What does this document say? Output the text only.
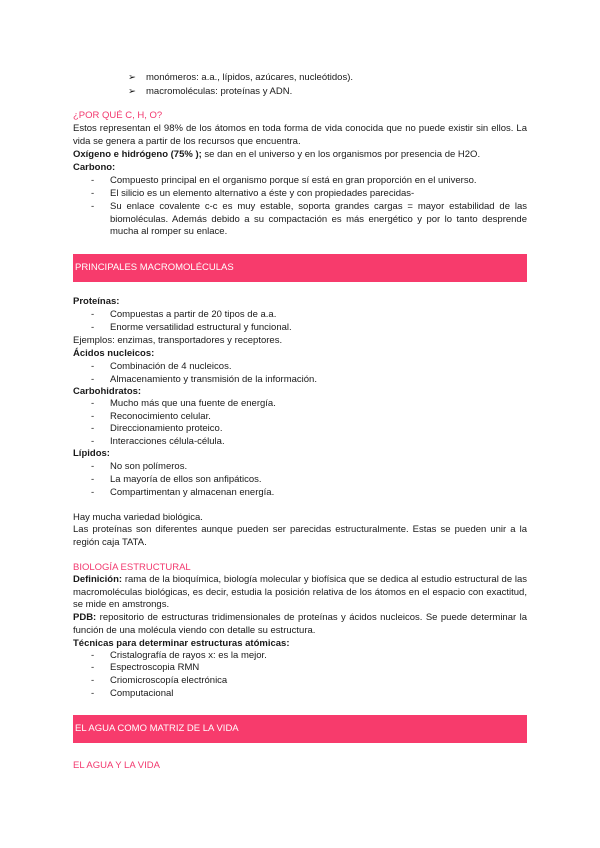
➢ monómeros: a.a., lípidos, azúcares, nucleótidos).
➢ macromoléculas: proteínas y ADN.
¿POR QUÉ C, H, O?
Estos representan el 98% de los átomos en toda forma de vida conocida que no puede existir sin ellos. La vida se genera a partir de los recursos que encuentra.
Oxígeno e hidrógeno (75% ); se dan en el universo y en los organismos por presencia de H2O.
Carbono:
- Compuesto principal en el organismo porque sí está en gran proporción en el universo.
- El silicio es un elemento alternativo a éste y con propiedades parecidas-
- Su enlace covalente c-c es muy estable, soporta grandes cargas = mayor estabilidad de las biomoléculas. Además debido a su compactación es más energético y por lo tanto desprende mucha al romper su enlace.
PRINCIPALES MACROMOLÉCULAS
Proteínas:
- Compuestas a partir de 20 tipos de a.a.
- Enorme versatilidad estructural y funcional.
Ejemplos: enzimas, transportadores y receptores.
Ácidos nucleicos:
- Combinación de 4 nucleicos.
- Almacenamiento y transmisión de la información.
Carbohidratos:
- Mucho más que una fuente de energía.
- Reconocimiento celular.
- Direccionamiento proteico.
- Interacciones célula-célula.
Lípidos:
- No son polímeros.
- La mayoría de ellos son anfipáticos.
- Compartimentan y almacenan energía.
Hay mucha variedad biológica.
Las proteínas son diferentes aunque pueden ser parecidas estructuralmente. Estas se pueden unir a la región caja TATA.
BIOLOGÍA ESTRUCTURAL
Definición: rama de la bioquímica, biología molecular y biofísica que se dedica al estudio estructural de las macromoléculas biológicas, es decir, estudia la posición relativa de los átomos en el espacio con exactitud, se mide en amstrongs.
PDB: repositorio de estructuras tridimensionales de proteínas y ácidos nucleicos. Se puede determinar la función de una molécula viendo con detalle su estructura.
Técnicas para determinar estructuras atómicas:
- Cristalografía de rayos x: es la mejor.
- Espectroscopia RMN
- Criomicroscopía electrónica
- Computacional
EL AGUA COMO MATRIZ DE LA VIDA
EL AGUA Y LA VIDA
